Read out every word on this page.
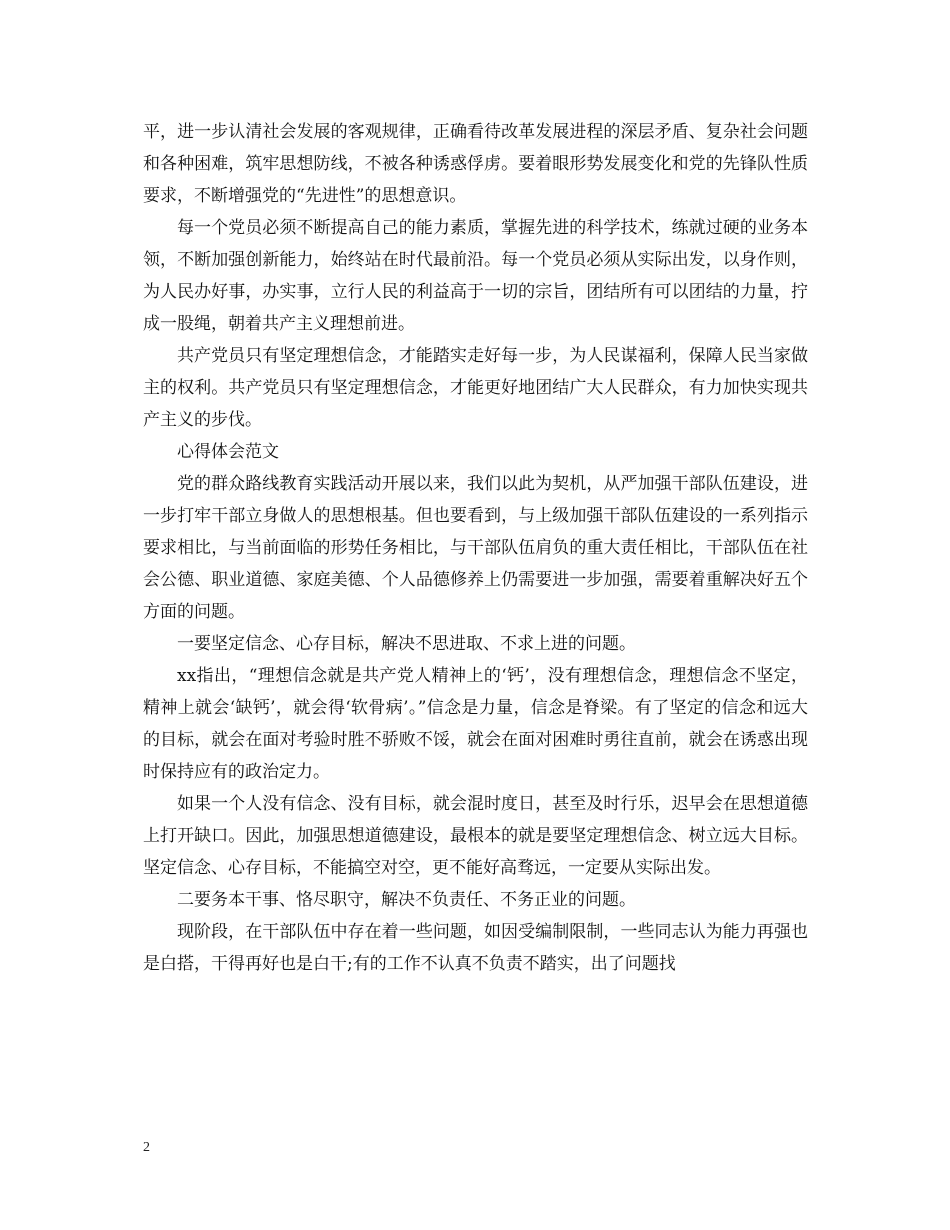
平，进一步认清社会发展的客观规律，正确看待改革发展进程的深层矛盾、复杂社会问题和各种困难，筑牢思想防线，不被各种诱惑俘虏。要着眼形势发展变化和党的先锋队性质要求，不断增强党的“先进性”的思想意识。

每一个党员必须不断提高自己的能力素质，掌握先进的科学技术，练就过硬的业务本领，不断加强创新能力，始终站在时代最前沿。每一个党员必须从实际出发，以身作则，为人民办好事，办实事，立行人民的利益高于一切的宗旨，团结所有可以团结的力量，拧成一股绳，朝着共产主义理想前进。

共产党员只有坚定理想信念，才能踏实走好每一步，为人民谋福利，保障人民当家做主的权利。共产党员只有坚定理想信念，才能更好地团结广大人民群众，有力加快实现共产主义的步伐。

心得体会范文

党的群众路线教育实践活动开展以来，我们以此为契机，从严加强干部队伍建设，进一步打牢干部立身做人的思想根基。但也要看到，与上级加强干部队伍建设的一系列指示要求相比，与当前面临的形势任务相比，与干部队伍肩负的重大责任相比，干部队伍在社会公德、职业道德、家庭美德、个人品德修养上仍需要进一步加强，需要着重解决好五个方面的问题。

一要坚定信念、心存目标，解决不思进取、不求上进的问题。

xx指出，“理想信念就是共产党人精神上的‘钙’，没有理想信念，理想信念不坚定，精神上就会‘缺钙’，就会得‘软骨病’。”信念是力量，信念是脊梁。有了坚定的信念和远大的目标，就会在面对考验时胜不骄败不馁，就会在面对困难时勇往直前，就会在诱惑出现时保持应有的政治定力。

如果一个人没有信念、没有目标，就会混时度日，甚至及时行乐，迟早会在思想道德上打开缺口。因此，加强思想道德建设，最根本的就是要坚定理想信念、树立远大目标。坚定信念、心存目标，不能搞空对空，更不能好高骛远，一定要从实际出发。

二要务本干事、恪尽职守，解决不负责任、不务正业的问题。

现阶段，在干部队伍中存在着一些问题，如因受编制限制，一些同志认为能力再强也是白搭，干得再好也是白干;有的工作不认真不负责不踏实，出了问题找

2
